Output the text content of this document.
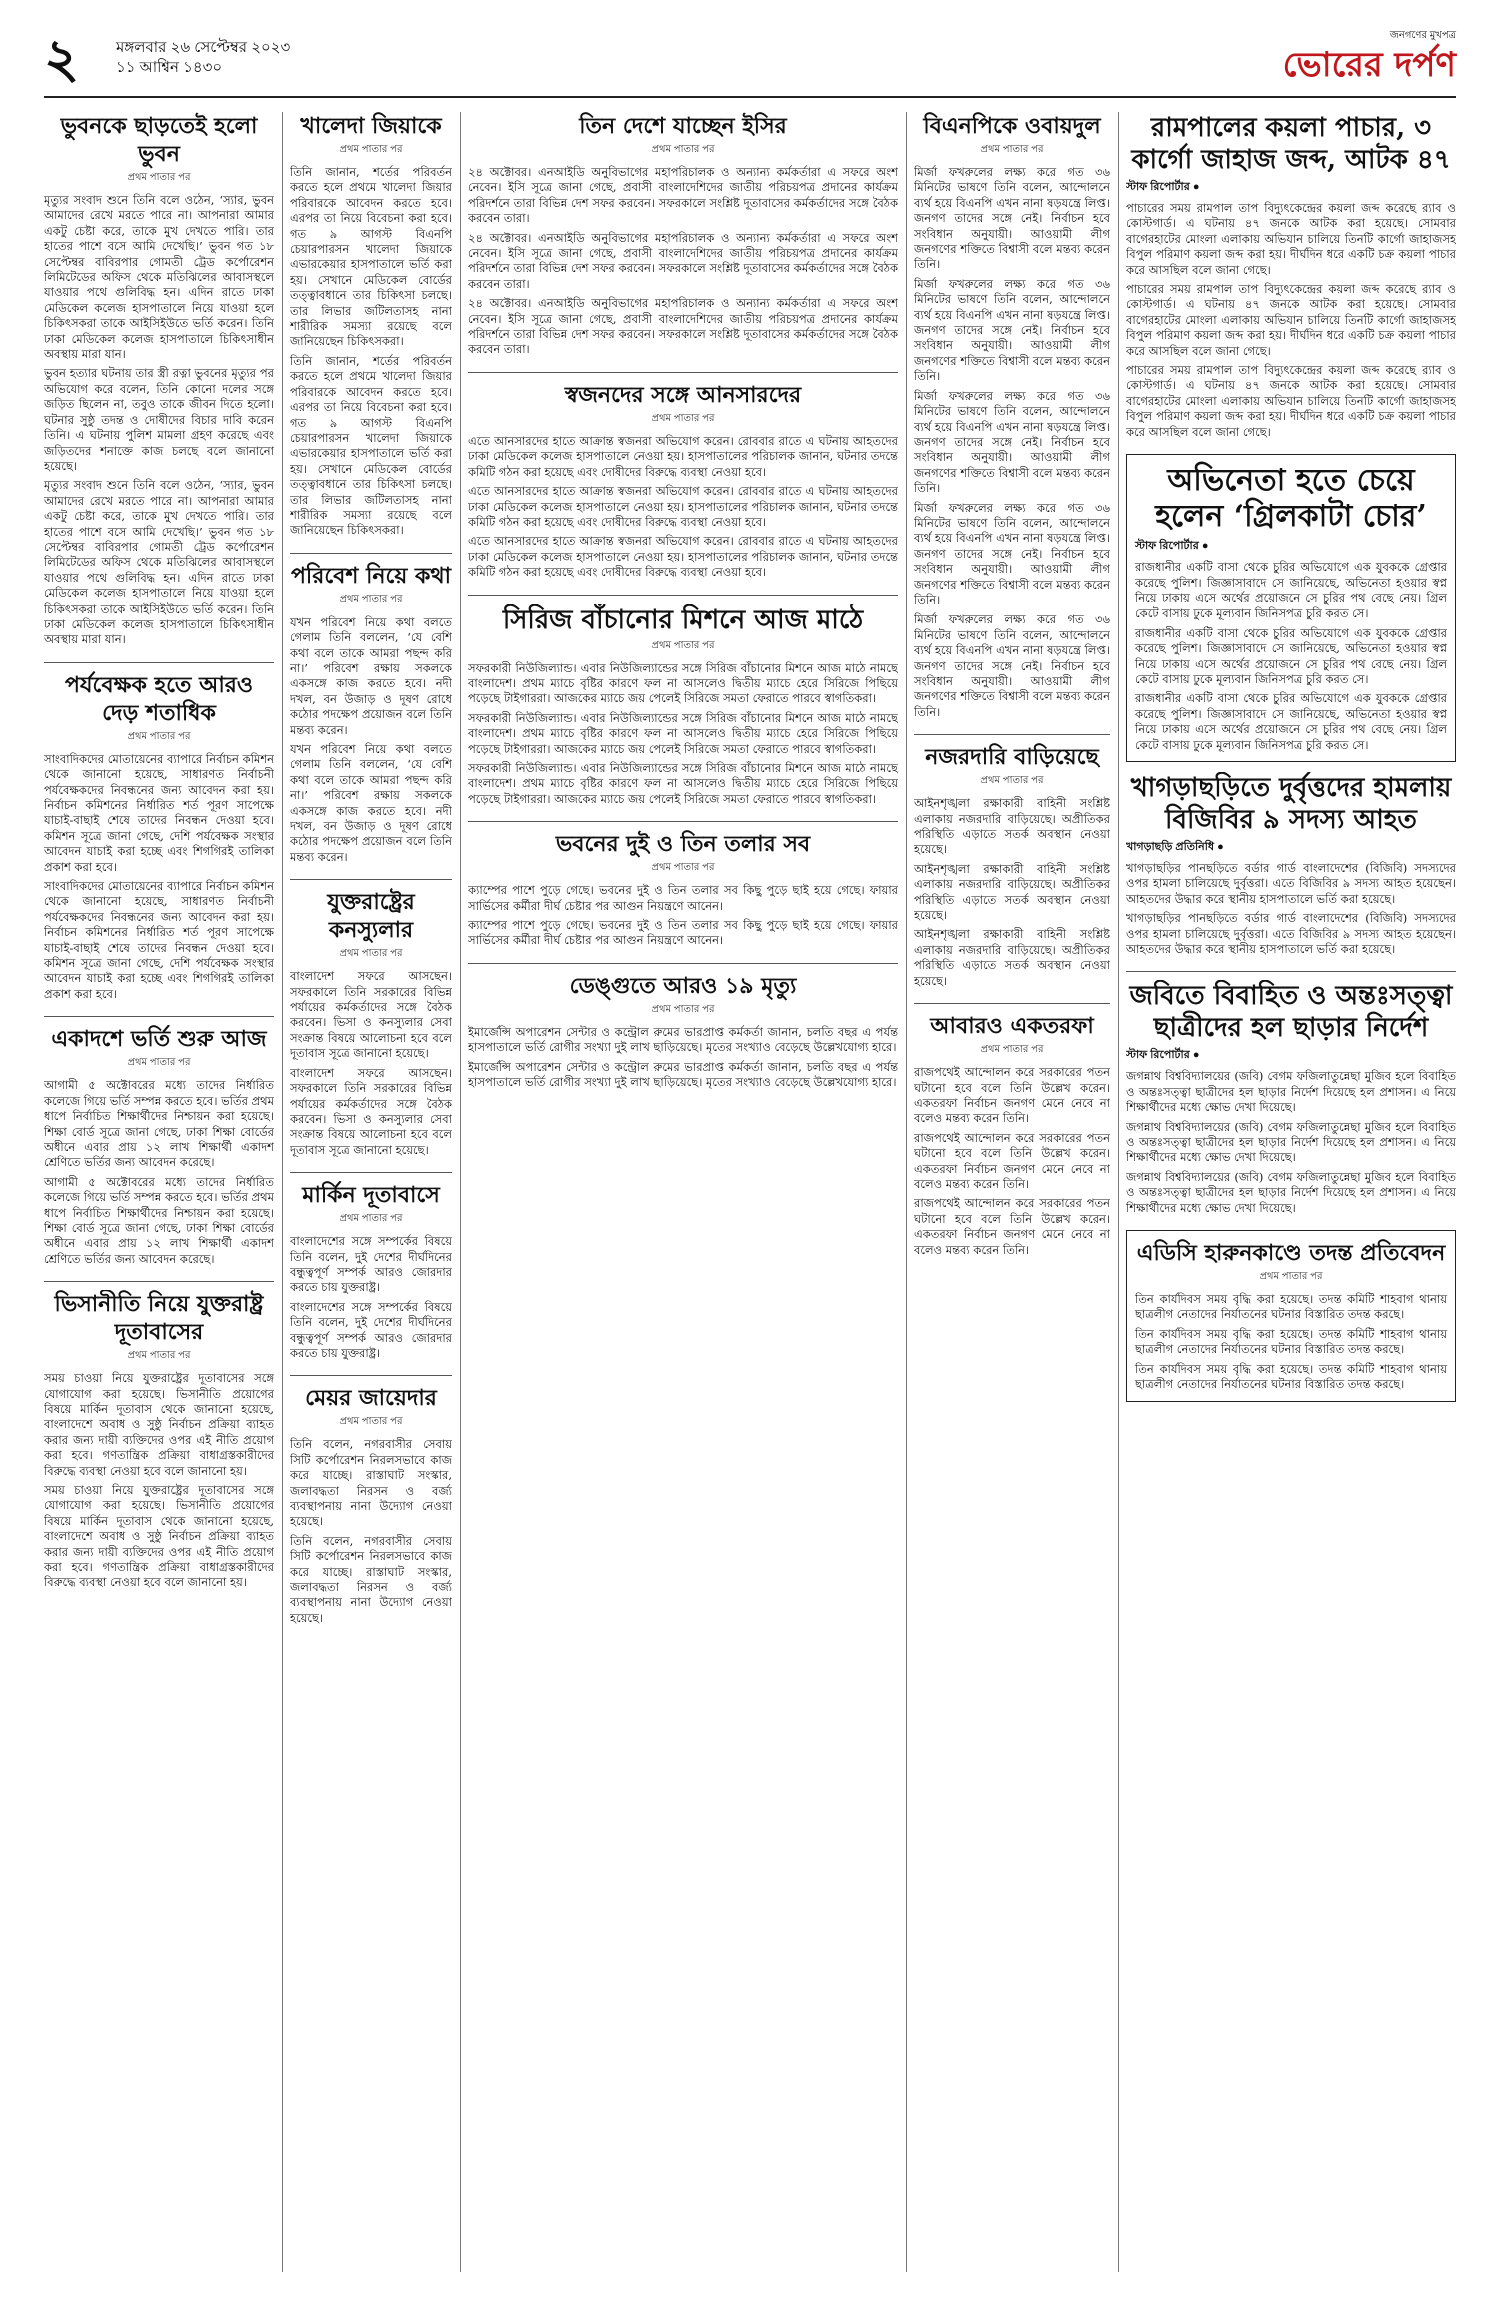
২ মঙ্গলবার ২৬ সেপ্টেম্বর ২০২৩
১১ আশ্বিন ১৪৩০
জনগণের মুখপত্র
ভোরের দর্পণ
ভুবনকে ছাড়তেই হলো ভুবন
প্রথম পাতার পর

মৃত্যুর সংবাদ শুনে তিনি বলে ওঠেন, ‘স্যার, ভুবন আমাদের রেখে মরতে পারে না। আপনারা আমার একটু চেষ্টা করে, তাকে মুখ দেখতে পারি। তার হাতের পাশে বসে আমি দেখেছি।’ ভুবন গত ১৮ সেপ্টেম্বর বাবিরপার গোমতী ট্রেড কর্পোরেশন লিমিটেডের অফিস থেকে মতিঝিলের আবাসস্থলে যাওয়ার পথে গুলিবিদ্ধ হন। এদিন রাতে ঢাকা মেডিকেল কলেজ হাসপাতালে নিয়ে যাওয়া হলে চিকিৎসকরা তাকে আইসিইউতে ভর্তি করেন। তিনি ঢাকা মেডিকেল কলেজ হাসপাতালে চিকিৎসাধীন অবস্থায় মারা যান।

ভুবন হত্যার ঘটনায় তার স্ত্রী রত্না ভুবনের মৃত্যুর পর অভিযোগ করে বলেন, তিনি কোনো দলের সঙ্গে জড়িত ছিলেন না, তবুও তাকে জীবন দিতে হলো। ঘটনার সুষ্ঠু তদন্ত ও দোষীদের বিচার দাবি করেন তিনি। এ ঘটনায় পুলিশ মামলা গ্রহণ করেছে এবং জড়িতদের শনাক্তে কাজ চলছে বলে জানানো হয়েছে।

মৃত্যুর সংবাদ শুনে তিনি বলে ওঠেন, ‘স্যার, ভুবন আমাদের রেখে মরতে পারে না। আপনারা আমার একটু চেষ্টা করে, তাকে মুখ দেখতে পারি। তার হাতের পাশে বসে আমি দেখেছি।’ ভুবন গত ১৮ সেপ্টেম্বর বাবিরপার গোমতী ট্রেড কর্পোরেশন লিমিটেডের অফিস থেকে মতিঝিলের আবাসস্থলে যাওয়ার পথে গুলিবিদ্ধ হন। এদিন রাতে ঢাকা মেডিকেল কলেজ হাসপাতালে নিয়ে যাওয়া হলে চিকিৎসকরা তাকে আইসিইউতে ভর্তি করেন। তিনি ঢাকা মেডিকেল কলেজ হাসপাতালে চিকিৎসাধীন অবস্থায় মারা যান।

পর্যবেক্ষক হতে আরও দেড় শতাধিক
প্রথম পাতার পর

সাংবাদিকদের মোতায়েনের ব্যাপারে নির্বাচন কমিশন থেকে জানানো হয়েছে, সাধারণত নির্বাচনী পর্যবেক্ষকদের নিবন্ধনের জন্য আবেদন করা হয়। নির্বাচন কমিশনের নির্ধারিত শর্ত পূরণ সাপেক্ষে যাচাই-বাছাই শেষে তাদের নিবন্ধন দেওয়া হবে। কমিশন সূত্রে জানা গেছে, দেশি পর্যবেক্ষক সংস্থার আবেদন যাচাই করা হচ্ছে এবং শিগগিরই তালিকা প্রকাশ করা হবে।

সাংবাদিকদের মোতায়েনের ব্যাপারে নির্বাচন কমিশন থেকে জানানো হয়েছে, সাধারণত নির্বাচনী পর্যবেক্ষকদের নিবন্ধনের জন্য আবেদন করা হয়। নির্বাচন কমিশনের নির্ধারিত শর্ত পূরণ সাপেক্ষে যাচাই-বাছাই শেষে তাদের নিবন্ধন দেওয়া হবে। কমিশন সূত্রে জানা গেছে, দেশি পর্যবেক্ষক সংস্থার আবেদন যাচাই করা হচ্ছে এবং শিগগিরই তালিকা প্রকাশ করা হবে।

একাদশে ভর্তি শুরু আজ
প্রথম পাতার পর

আগামী ৫ অক্টোবরের মধ্যে তাদের নির্ধারিত কলেজে গিয়ে ভর্তি সম্পন্ন করতে হবে। ভর্তির প্রথম ধাপে নির্বাচিত শিক্ষার্থীদের নিশ্চায়ন করা হয়েছে। শিক্ষা বোর্ড সূত্রে জানা গেছে, ঢাকা শিক্ষা বোর্ডের অধীনে এবার প্রায় ১২ লাখ শিক্ষার্থী একাদশ শ্রেণিতে ভর্তির জন্য আবেদন করেছে।

আগামী ৫ অক্টোবরের মধ্যে তাদের নির্ধারিত কলেজে গিয়ে ভর্তি সম্পন্ন করতে হবে। ভর্তির প্রথম ধাপে নির্বাচিত শিক্ষার্থীদের নিশ্চায়ন করা হয়েছে। শিক্ষা বোর্ড সূত্রে জানা গেছে, ঢাকা শিক্ষা বোর্ডের অধীনে এবার প্রায় ১২ লাখ শিক্ষার্থী একাদশ শ্রেণিতে ভর্তির জন্য আবেদন করেছে।

ভিসানীতি নিয়ে যুক্তরাষ্ট্র দূতাবাসের
প্রথম পাতার পর

সময় চাওয়া নিয়ে যুক্তরাষ্ট্রের দূতাবাসের সঙ্গে যোগাযোগ করা হয়েছে। ভিসানীতি প্রয়োগের বিষয়ে মার্কিন দূতাবাস থেকে জানানো হয়েছে, বাংলাদেশে অবাধ ও সুষ্ঠু নির্বাচন প্রক্রিয়া ব্যাহত করার জন্য দায়ী ব্যক্তিদের ওপর এই নীতি প্রয়োগ করা হবে। গণতান্ত্রিক প্রক্রিয়া বাধাগ্রস্তকারীদের বিরুদ্ধে ব্যবস্থা নেওয়া হবে বলে জানানো হয়।

সময় চাওয়া নিয়ে যুক্তরাষ্ট্রের দূতাবাসের সঙ্গে যোগাযোগ করা হয়েছে। ভিসানীতি প্রয়োগের বিষয়ে মার্কিন দূতাবাস থেকে জানানো হয়েছে, বাংলাদেশে অবাধ ও সুষ্ঠু নির্বাচন প্রক্রিয়া ব্যাহত করার জন্য দায়ী ব্যক্তিদের ওপর এই নীতি প্রয়োগ করা হবে। গণতান্ত্রিক প্রক্রিয়া বাধাগ্রস্তকারীদের বিরুদ্ধে ব্যবস্থা নেওয়া হবে বলে জানানো হয়।

খালেদা জিয়াকে
প্রথম পাতার পর

তিনি জানান, শর্তের পরিবর্তন করতে হলে প্রথমে খালেদা জিয়ার পরিবারকে আবেদন করতে হবে। এরপর তা নিয়ে বিবেচনা করা হবে। গত ৯ আগস্ট বিএনপি চেয়ারপারসন খালেদা জিয়াকে এভারকেয়ার হাসপাতালে ভর্তি করা হয়। সেখানে মেডিকেল বোর্ডের তত্ত্বাবধানে তার চিকিৎসা চলছে। তার লিভার জটিলতাসহ নানা শারীরিক সমস্যা রয়েছে বলে জানিয়েছেন চিকিৎসকরা।

তিনি জানান, শর্তের পরিবর্তন করতে হলে প্রথমে খালেদা জিয়ার পরিবারকে আবেদন করতে হবে। এরপর তা নিয়ে বিবেচনা করা হবে। গত ৯ আগস্ট বিএনপি চেয়ারপারসন খালেদা জিয়াকে এভারকেয়ার হাসপাতালে ভর্তি করা হয়। সেখানে মেডিকেল বোর্ডের তত্ত্বাবধানে তার চিকিৎসা চলছে। তার লিভার জটিলতাসহ নানা শারীরিক সমস্যা রয়েছে বলে জানিয়েছেন চিকিৎসকরা।

পরিবেশ নিয়ে কথা
প্রথম পাতার পর

যখন পরিবেশ নিয়ে কথা বলতে গেলাম তিনি বললেন, ‘যে বেশি কথা বলে তাকে আমরা পছন্দ করি না।’ পরিবেশ রক্ষায় সকলকে একসঙ্গে কাজ করতে হবে। নদী দখল, বন উজাড় ও দূষণ রোধে কঠোর পদক্ষেপ প্রয়োজন বলে তিনি মন্তব্য করেন।

যখন পরিবেশ নিয়ে কথা বলতে গেলাম তিনি বললেন, ‘যে বেশি কথা বলে তাকে আমরা পছন্দ করি না।’ পরিবেশ রক্ষায় সকলকে একসঙ্গে কাজ করতে হবে। নদী দখল, বন উজাড় ও দূষণ রোধে কঠোর পদক্ষেপ প্রয়োজন বলে তিনি মন্তব্য করেন।

যুক্তরাষ্ট্রের কনস্যুলার
প্রথম পাতার পর

বাংলাদেশ সফরে আসছেন। সফরকালে তিনি সরকারের বিভিন্ন পর্যায়ের কর্মকর্তাদের সঙ্গে বৈঠক করবেন। ভিসা ও কনস্যুলার সেবা সংক্রান্ত বিষয়ে আলোচনা হবে বলে দূতাবাস সূত্রে জানানো হয়েছে।

বাংলাদেশ সফরে আসছেন। সফরকালে তিনি সরকারের বিভিন্ন পর্যায়ের কর্মকর্তাদের সঙ্গে বৈঠক করবেন। ভিসা ও কনস্যুলার সেবা সংক্রান্ত বিষয়ে আলোচনা হবে বলে দূতাবাস সূত্রে জানানো হয়েছে।

মার্কিন দূতাবাসে
প্রথম পাতার পর

বাংলাদেশের সঙ্গে সম্পর্কের বিষয়ে তিনি বলেন, দুই দেশের দীর্ঘদিনের বন্ধুত্বপূর্ণ সম্পর্ক আরও জোরদার করতে চায় যুক্তরাষ্ট্র।

বাংলাদেশের সঙ্গে সম্পর্কের বিষয়ে তিনি বলেন, দুই দেশের দীর্ঘদিনের বন্ধুত্বপূর্ণ সম্পর্ক আরও জোরদার করতে চায় যুক্তরাষ্ট্র।

মেয়র জায়েদার
প্রথম পাতার পর

তিনি বলেন, নগরবাসীর সেবায় সিটি কর্পোরেশন নিরলসভাবে কাজ করে যাচ্ছে। রাস্তাঘাট সংস্কার, জলাবদ্ধতা নিরসন ও বর্জ্য ব্যবস্থাপনায় নানা উদ্যোগ নেওয়া হয়েছে।

তিনি বলেন, নগরবাসীর সেবায় সিটি কর্পোরেশন নিরলসভাবে কাজ করে যাচ্ছে। রাস্তাঘাট সংস্কার, জলাবদ্ধতা নিরসন ও বর্জ্য ব্যবস্থাপনায় নানা উদ্যোগ নেওয়া হয়েছে।

তিন দেশে যাচ্ছেন ইসির
প্রথম পাতার পর

২৪ অক্টোবর। এনআইডি অনুবিভাগের মহাপরিচালক ও অন্যান্য কর্মকর্তারা এ সফরে অংশ নেবেন। ইসি সূত্রে জানা গেছে, প্রবাসী বাংলাদেশিদের জাতীয় পরিচয়পত্র প্রদানের কার্যক্রম পরিদর্শনে তারা বিভিন্ন দেশ সফর করবেন। সফরকালে সংশ্লিষ্ট দূতাবাসের কর্মকর্তাদের সঙ্গে বৈঠক করবেন তারা।

২৪ অক্টোবর। এনআইডি অনুবিভাগের মহাপরিচালক ও অন্যান্য কর্মকর্তারা এ সফরে অংশ নেবেন। ইসি সূত্রে জানা গেছে, প্রবাসী বাংলাদেশিদের জাতীয় পরিচয়পত্র প্রদানের কার্যক্রম পরিদর্শনে তারা বিভিন্ন দেশ সফর করবেন। সফরকালে সংশ্লিষ্ট দূতাবাসের কর্মকর্তাদের সঙ্গে বৈঠক করবেন তারা।

২৪ অক্টোবর। এনআইডি অনুবিভাগের মহাপরিচালক ও অন্যান্য কর্মকর্তারা এ সফরে অংশ নেবেন। ইসি সূত্রে জানা গেছে, প্রবাসী বাংলাদেশিদের জাতীয় পরিচয়পত্র প্রদানের কার্যক্রম পরিদর্শনে তারা বিভিন্ন দেশ সফর করবেন। সফরকালে সংশ্লিষ্ট দূতাবাসের কর্মকর্তাদের সঙ্গে বৈঠক করবেন তারা।

স্বজনদের সঙ্গে আনসারদের
প্রথম পাতার পর

এতে আনসারদের হাতে আক্রান্ত স্বজনরা অভিযোগ করেন। রোববার রাতে এ ঘটনায় আহতদের ঢাকা মেডিকেল কলেজ হাসপাতালে নেওয়া হয়। হাসপাতালের পরিচালক জানান, ঘটনার তদন্তে কমিটি গঠন করা হয়েছে এবং দোষীদের বিরুদ্ধে ব্যবস্থা নেওয়া হবে।

এতে আনসারদের হাতে আক্রান্ত স্বজনরা অভিযোগ করেন। রোববার রাতে এ ঘটনায় আহতদের ঢাকা মেডিকেল কলেজ হাসপাতালে নেওয়া হয়। হাসপাতালের পরিচালক জানান, ঘটনার তদন্তে কমিটি গঠন করা হয়েছে এবং দোষীদের বিরুদ্ধে ব্যবস্থা নেওয়া হবে।

এতে আনসারদের হাতে আক্রান্ত স্বজনরা অভিযোগ করেন। রোববার রাতে এ ঘটনায় আহতদের ঢাকা মেডিকেল কলেজ হাসপাতালে নেওয়া হয়। হাসপাতালের পরিচালক জানান, ঘটনার তদন্তে কমিটি গঠন করা হয়েছে এবং দোষীদের বিরুদ্ধে ব্যবস্থা নেওয়া হবে।

সিরিজ বাঁচানোর মিশনে আজ মাঠে
প্রথম পাতার পর

সফরকারী নিউজিল্যান্ড। এবার নিউজিল্যান্ডের সঙ্গে সিরিজ বাঁচানোর মিশনে আজ মাঠে নামছে বাংলাদেশ। প্রথম ম্যাচে বৃষ্টির কারণে ফল না আসলেও দ্বিতীয় ম্যাচে হেরে সিরিজে পিছিয়ে পড়েছে টাইগাররা। আজকের ম্যাচে জয় পেলেই সিরিজে সমতা ফেরাতে পারবে স্বাগতিকরা।

সফরকারী নিউজিল্যান্ড। এবার নিউজিল্যান্ডের সঙ্গে সিরিজ বাঁচানোর মিশনে আজ মাঠে নামছে বাংলাদেশ। প্রথম ম্যাচে বৃষ্টির কারণে ফল না আসলেও দ্বিতীয় ম্যাচে হেরে সিরিজে পিছিয়ে পড়েছে টাইগাররা। আজকের ম্যাচে জয় পেলেই সিরিজে সমতা ফেরাতে পারবে স্বাগতিকরা।

সফরকারী নিউজিল্যান্ড। এবার নিউজিল্যান্ডের সঙ্গে সিরিজ বাঁচানোর মিশনে আজ মাঠে নামছে বাংলাদেশ। প্রথম ম্যাচে বৃষ্টির কারণে ফল না আসলেও দ্বিতীয় ম্যাচে হেরে সিরিজে পিছিয়ে পড়েছে টাইগাররা। আজকের ম্যাচে জয় পেলেই সিরিজে সমতা ফেরাতে পারবে স্বাগতিকরা।

ভবনের দুই ও তিন তলার সব
প্রথম পাতার পর

ক্যাম্পের পাশে পুড়ে গেছে। ভবনের দুই ও তিন তলার সব কিছু পুড়ে ছাই হয়ে গেছে। ফায়ার সার্ভিসের কর্মীরা দীর্ঘ চেষ্টার পর আগুন নিয়ন্ত্রণে আনেন।

ক্যাম্পের পাশে পুড়ে গেছে। ভবনের দুই ও তিন তলার সব কিছু পুড়ে ছাই হয়ে গেছে। ফায়ার সার্ভিসের কর্মীরা দীর্ঘ চেষ্টার পর আগুন নিয়ন্ত্রণে আনেন।

ডেঙ্গুতে আরও ১৯ মৃত্যু
প্রথম পাতার পর

ইমার্জেন্সি অপারেশন সেন্টার ও কন্ট্রোল রুমের ভারপ্রাপ্ত কর্মকর্তা জানান, চলতি বছর এ পর্যন্ত হাসপাতালে ভর্তি রোগীর সংখ্যা দুই লাখ ছাড়িয়েছে। মৃতের সংখ্যাও বেড়েছে উল্লেখযোগ্য হারে।

ইমার্জেন্সি অপারেশন সেন্টার ও কন্ট্রোল রুমের ভারপ্রাপ্ত কর্মকর্তা জানান, চলতি বছর এ পর্যন্ত হাসপাতালে ভর্তি রোগীর সংখ্যা দুই লাখ ছাড়িয়েছে। মৃতের সংখ্যাও বেড়েছে উল্লেখযোগ্য হারে।

বিএনপিকে ওবায়দুল
প্রথম পাতার পর

মির্জা ফখরুলের লক্ষ্য করে গত ৩৬ মিনিটের ভাষণে তিনি বলেন, আন্দোলনে ব্যর্থ হয়ে বিএনপি এখন নানা ষড়যন্ত্রে লিপ্ত। জনগণ তাদের সঙ্গে নেই। নির্বাচন হবে সংবিধান অনুযায়ী। আওয়ামী লীগ জনগণের শক্তিতে বিশ্বাসী বলে মন্তব্য করেন তিনি।

মির্জা ফখরুলের লক্ষ্য করে গত ৩৬ মিনিটের ভাষণে তিনি বলেন, আন্দোলনে ব্যর্থ হয়ে বিএনপি এখন নানা ষড়যন্ত্রে লিপ্ত। জনগণ তাদের সঙ্গে নেই। নির্বাচন হবে সংবিধান অনুযায়ী। আওয়ামী লীগ জনগণের শক্তিতে বিশ্বাসী বলে মন্তব্য করেন তিনি।

মির্জা ফখরুলের লক্ষ্য করে গত ৩৬ মিনিটের ভাষণে তিনি বলেন, আন্দোলনে ব্যর্থ হয়ে বিএনপি এখন নানা ষড়যন্ত্রে লিপ্ত। জনগণ তাদের সঙ্গে নেই। নির্বাচন হবে সংবিধান অনুযায়ী। আওয়ামী লীগ জনগণের শক্তিতে বিশ্বাসী বলে মন্তব্য করেন তিনি।

মির্জা ফখরুলের লক্ষ্য করে গত ৩৬ মিনিটের ভাষণে তিনি বলেন, আন্দোলনে ব্যর্থ হয়ে বিএনপি এখন নানা ষড়যন্ত্রে লিপ্ত। জনগণ তাদের সঙ্গে নেই। নির্বাচন হবে সংবিধান অনুযায়ী। আওয়ামী লীগ জনগণের শক্তিতে বিশ্বাসী বলে মন্তব্য করেন তিনি।

মির্জা ফখরুলের লক্ষ্য করে গত ৩৬ মিনিটের ভাষণে তিনি বলেন, আন্দোলনে ব্যর্থ হয়ে বিএনপি এখন নানা ষড়যন্ত্রে লিপ্ত। জনগণ তাদের সঙ্গে নেই। নির্বাচন হবে সংবিধান অনুযায়ী। আওয়ামী লীগ জনগণের শক্তিতে বিশ্বাসী বলে মন্তব্য করেন তিনি।

নজরদারি বাড়িয়েছে
প্রথম পাতার পর

আইনশৃঙ্খলা রক্ষাকারী বাহিনী সংশ্লিষ্ট এলাকায় নজরদারি বাড়িয়েছে। অপ্রীতিকর পরিস্থিতি এড়াতে সতর্ক অবস্থান নেওয়া হয়েছে।

আইনশৃঙ্খলা রক্ষাকারী বাহিনী সংশ্লিষ্ট এলাকায় নজরদারি বাড়িয়েছে। অপ্রীতিকর পরিস্থিতি এড়াতে সতর্ক অবস্থান নেওয়া হয়েছে।

আইনশৃঙ্খলা রক্ষাকারী বাহিনী সংশ্লিষ্ট এলাকায় নজরদারি বাড়িয়েছে। অপ্রীতিকর পরিস্থিতি এড়াতে সতর্ক অবস্থান নেওয়া হয়েছে।

আবারও একতরফা
প্রথম পাতার পর

রাজপথেই আন্দোলন করে সরকারের পতন ঘটানো হবে বলে তিনি উল্লেখ করেন। একতরফা নির্বাচন জনগণ মেনে নেবে না বলেও মন্তব্য করেন তিনি।

রাজপথেই আন্দোলন করে সরকারের পতন ঘটানো হবে বলে তিনি উল্লেখ করেন। একতরফা নির্বাচন জনগণ মেনে নেবে না বলেও মন্তব্য করেন তিনি।

রাজপথেই আন্দোলন করে সরকারের পতন ঘটানো হবে বলে তিনি উল্লেখ করেন। একতরফা নির্বাচন জনগণ মেনে নেবে না বলেও মন্তব্য করেন তিনি।

রামপালের কয়লা পাচার, ৩ কার্গো জাহাজ জব্দ, আটক ৪৭
স্টাফ রিপোর্টার ●

পাচারের সময় রামপাল তাপ বিদ্যুৎকেন্দ্রের কয়লা জব্দ করেছে র‍্যাব ও কোস্টগার্ড। এ ঘটনায় ৪৭ জনকে আটক করা হয়েছে। সোমবার বাগেরহাটের মোংলা এলাকায় অভিযান চালিয়ে তিনটি কার্গো জাহাজসহ বিপুল পরিমাণ কয়লা জব্দ করা হয়। দীর্ঘদিন ধরে একটি চক্র কয়লা পাচার করে আসছিল বলে জানা গেছে।

পাচারের সময় রামপাল তাপ বিদ্যুৎকেন্দ্রের কয়লা জব্দ করেছে র‍্যাব ও কোস্টগার্ড। এ ঘটনায় ৪৭ জনকে আটক করা হয়েছে। সোমবার বাগেরহাটের মোংলা এলাকায় অভিযান চালিয়ে তিনটি কার্গো জাহাজসহ বিপুল পরিমাণ কয়লা জব্দ করা হয়। দীর্ঘদিন ধরে একটি চক্র কয়লা পাচার করে আসছিল বলে জানা গেছে।

পাচারের সময় রামপাল তাপ বিদ্যুৎকেন্দ্রের কয়লা জব্দ করেছে র‍্যাব ও কোস্টগার্ড। এ ঘটনায় ৪৭ জনকে আটক করা হয়েছে। সোমবার বাগেরহাটের মোংলা এলাকায় অভিযান চালিয়ে তিনটি কার্গো জাহাজসহ বিপুল পরিমাণ কয়লা জব্দ করা হয়। দীর্ঘদিন ধরে একটি চক্র কয়লা পাচার করে আসছিল বলে জানা গেছে।

অভিনেতা হতে চেয়ে হলেন ‘গ্রিলকাটা চোর’
স্টাফ রিপোর্টার ●

রাজধানীর একটি বাসা থেকে চুরির অভিযোগে এক যুবককে গ্রেপ্তার করেছে পুলিশ। জিজ্ঞাসাবাদে সে জানিয়েছে, অভিনেতা হওয়ার স্বপ্ন নিয়ে ঢাকায় এসে অর্থের প্রয়োজনে সে চুরির পথ বেছে নেয়। গ্রিল কেটে বাসায় ঢুকে মূল্যবান জিনিসপত্র চুরি করত সে।

রাজধানীর একটি বাসা থেকে চুরির অভিযোগে এক যুবককে গ্রেপ্তার করেছে পুলিশ। জিজ্ঞাসাবাদে সে জানিয়েছে, অভিনেতা হওয়ার স্বপ্ন নিয়ে ঢাকায় এসে অর্থের প্রয়োজনে সে চুরির পথ বেছে নেয়। গ্রিল কেটে বাসায় ঢুকে মূল্যবান জিনিসপত্র চুরি করত সে।

রাজধানীর একটি বাসা থেকে চুরির অভিযোগে এক যুবককে গ্রেপ্তার করেছে পুলিশ। জিজ্ঞাসাবাদে সে জানিয়েছে, অভিনেতা হওয়ার স্বপ্ন নিয়ে ঢাকায় এসে অর্থের প্রয়োজনে সে চুরির পথ বেছে নেয়। গ্রিল কেটে বাসায় ঢুকে মূল্যবান জিনিসপত্র চুরি করত সে।

খাগড়াছড়িতে দুর্বৃত্তদের হামলায় বিজিবির ৯ সদস্য আহত
খাগড়াছড়ি প্রতিনিধি ●

খাগড়াছড়ির পানছড়িতে বর্ডার গার্ড বাংলাদেশের (বিজিবি) সদস্যদের ওপর হামলা চালিয়েছে দুর্বৃত্তরা। এতে বিজিবির ৯ সদস্য আহত হয়েছেন। আহতদের উদ্ধার করে স্থানীয় হাসপাতালে ভর্তি করা হয়েছে।

খাগড়াছড়ির পানছড়িতে বর্ডার গার্ড বাংলাদেশের (বিজিবি) সদস্যদের ওপর হামলা চালিয়েছে দুর্বৃত্তরা। এতে বিজিবির ৯ সদস্য আহত হয়েছেন। আহতদের উদ্ধার করে স্থানীয় হাসপাতালে ভর্তি করা হয়েছে।

জবিতে বিবাহিত ও অন্তঃসত্ত্বা ছাত্রীদের হল ছাড়ার নির্দেশ
স্টাফ রিপোর্টার ●

জগন্নাথ বিশ্ববিদ্যালয়ের (জবি) বেগম ফজিলাতুন্নেছা মুজিব হলে বিবাহিত ও অন্তঃসত্ত্বা ছাত্রীদের হল ছাড়ার নির্দেশ দিয়েছে হল প্রশাসন। এ নিয়ে শিক্ষার্থীদের মধ্যে ক্ষোভ দেখা দিয়েছে।

জগন্নাথ বিশ্ববিদ্যালয়ের (জবি) বেগম ফজিলাতুন্নেছা মুজিব হলে বিবাহিত ও অন্তঃসত্ত্বা ছাত্রীদের হল ছাড়ার নির্দেশ দিয়েছে হল প্রশাসন। এ নিয়ে শিক্ষার্থীদের মধ্যে ক্ষোভ দেখা দিয়েছে।

জগন্নাথ বিশ্ববিদ্যালয়ের (জবি) বেগম ফজিলাতুন্নেছা মুজিব হলে বিবাহিত ও অন্তঃসত্ত্বা ছাত্রীদের হল ছাড়ার নির্দেশ দিয়েছে হল প্রশাসন। এ নিয়ে শিক্ষার্থীদের মধ্যে ক্ষোভ দেখা দিয়েছে।

এডিসি হারুনকাণ্ডে তদন্ত প্রতিবেদন
প্রথম পাতার পর

তিন কার্যদিবস সময় বৃদ্ধি করা হয়েছে। তদন্ত কমিটি শাহবাগ থানায় ছাত্রলীগ নেতাদের নির্যাতনের ঘটনার বিস্তারিত তদন্ত করছে।

তিন কার্যদিবস সময় বৃদ্ধি করা হয়েছে। তদন্ত কমিটি শাহবাগ থানায় ছাত্রলীগ নেতাদের নির্যাতনের ঘটনার বিস্তারিত তদন্ত করছে।

তিন কার্যদিবস সময় বৃদ্ধি করা হয়েছে। তদন্ত কমিটি শাহবাগ থানায় ছাত্রলীগ নেতাদের নির্যাতনের ঘটনার বিস্তারিত তদন্ত করছে।
